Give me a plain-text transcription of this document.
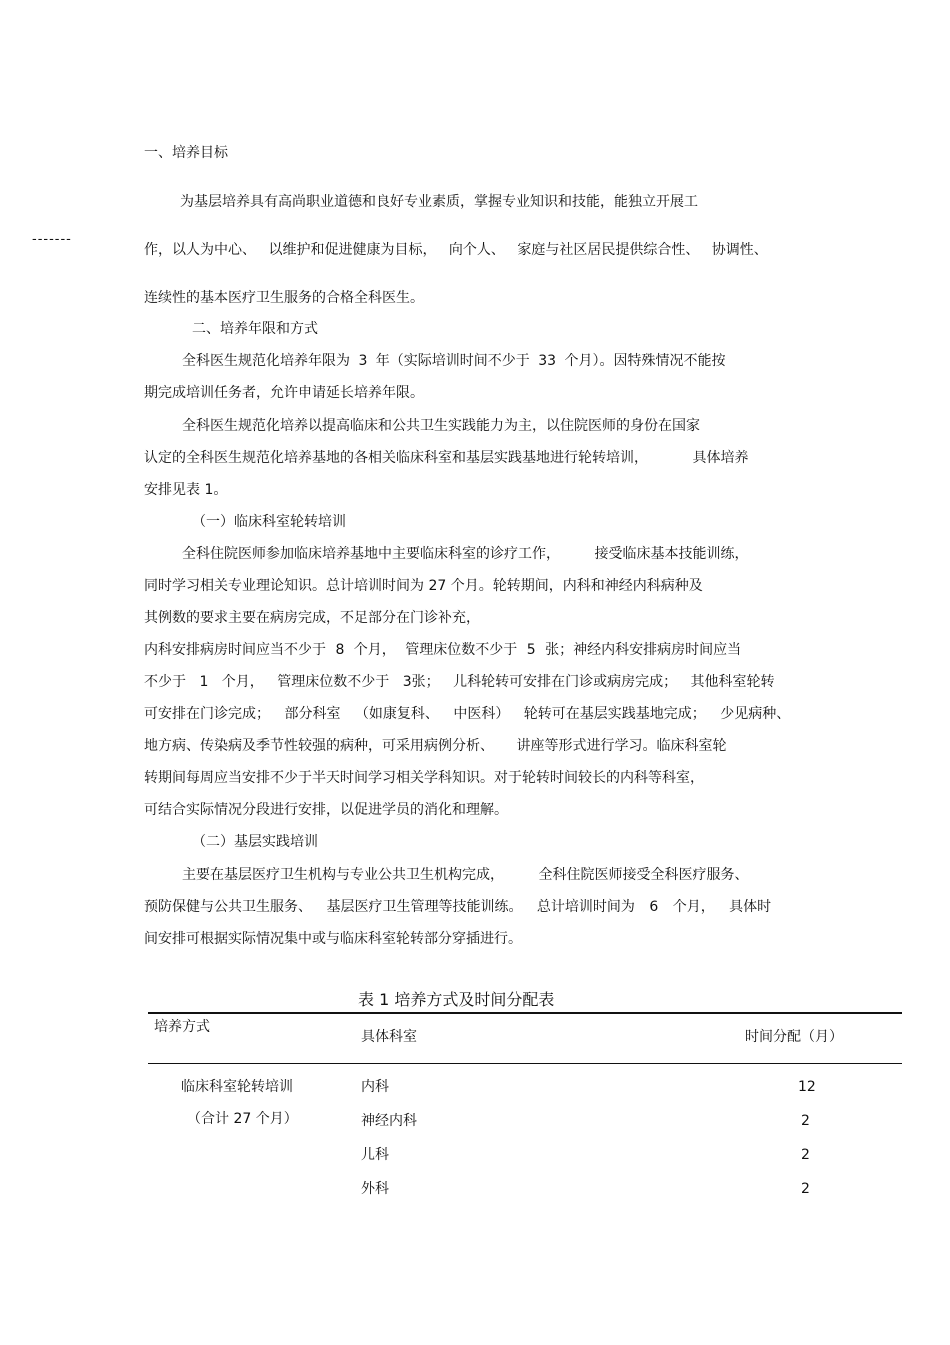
-------
一、培养目标
为基层培养具有高尚职业道德和良好专业素质，掌握专业知识和技能，能独立开展工
作，以人为中心、 以维护和促进健康为目标， 向个人、 家庭与社区居民提供综合性、 协调性、
连续性的基本医疗卫生服务的合格全科医生。
二、培养年限和方式
全科医生规范化培养年限为 3 年（实际培训时间不少于 33 个月）。因特殊情况不能按
期完成培训任务者，允许申请延长培养年限。
全科医生规范化培养以提高临床和公共卫生实践能力为主，以住院医师的身份在国家
认定的全科医生规范化培养基地的各相关临床科室和基层实践基地进行轮转培训， 具体培养
安排见表 1。
（一）临床科室轮转培训
全科住院医师参加临床培养基地中主要临床科室的诊疗工作， 接受临床基本技能训练，
同时学习相关专业理论知识。总计培训时间为 27 个月。轮转期间，内科和神经内科病种及
其例数的要求主要在病房完成，不足部分在门诊补充，
内科安排病房时间应当不少于 8 个月， 管理床位数不少于 5 张；神经内科安排病房时间应当
不少于 1 个月， 管理床位数不少于 3张； 儿科轮转可安排在门诊或病房完成； 其他科室轮转
可安排在门诊完成； 部分科室 （如康复科、 中医科） 轮转可在基层实践基地完成； 少见病种、
地方病、传染病及季节性较强的病种，可采用病例分析、 讲座等形式进行学习。临床科室轮
转期间每周应当安排不少于半天时间学习相关学科知识。对于轮转时间较长的内科等科室，
可结合实际情况分段进行安排，以促进学员的消化和理解。
（二）基层实践培训
主要在基层医疗卫生机构与专业公共卫生机构完成， 全科住院医师接受全科医疗服务、
预防保健与公共卫生服务、 基层医疗卫生管理等技能训练。 总计培训时间为 6 个月， 具体时
间安排可根据实际情况集中或与临床科室轮转部分穿插进行。
表 1 培养方式及时间分配表
培养方式
具体科室	时间分配（月）
临床科室轮转培训
（合计 27 个月）
内科	12
神经内科	2
儿科	2
外科	2
